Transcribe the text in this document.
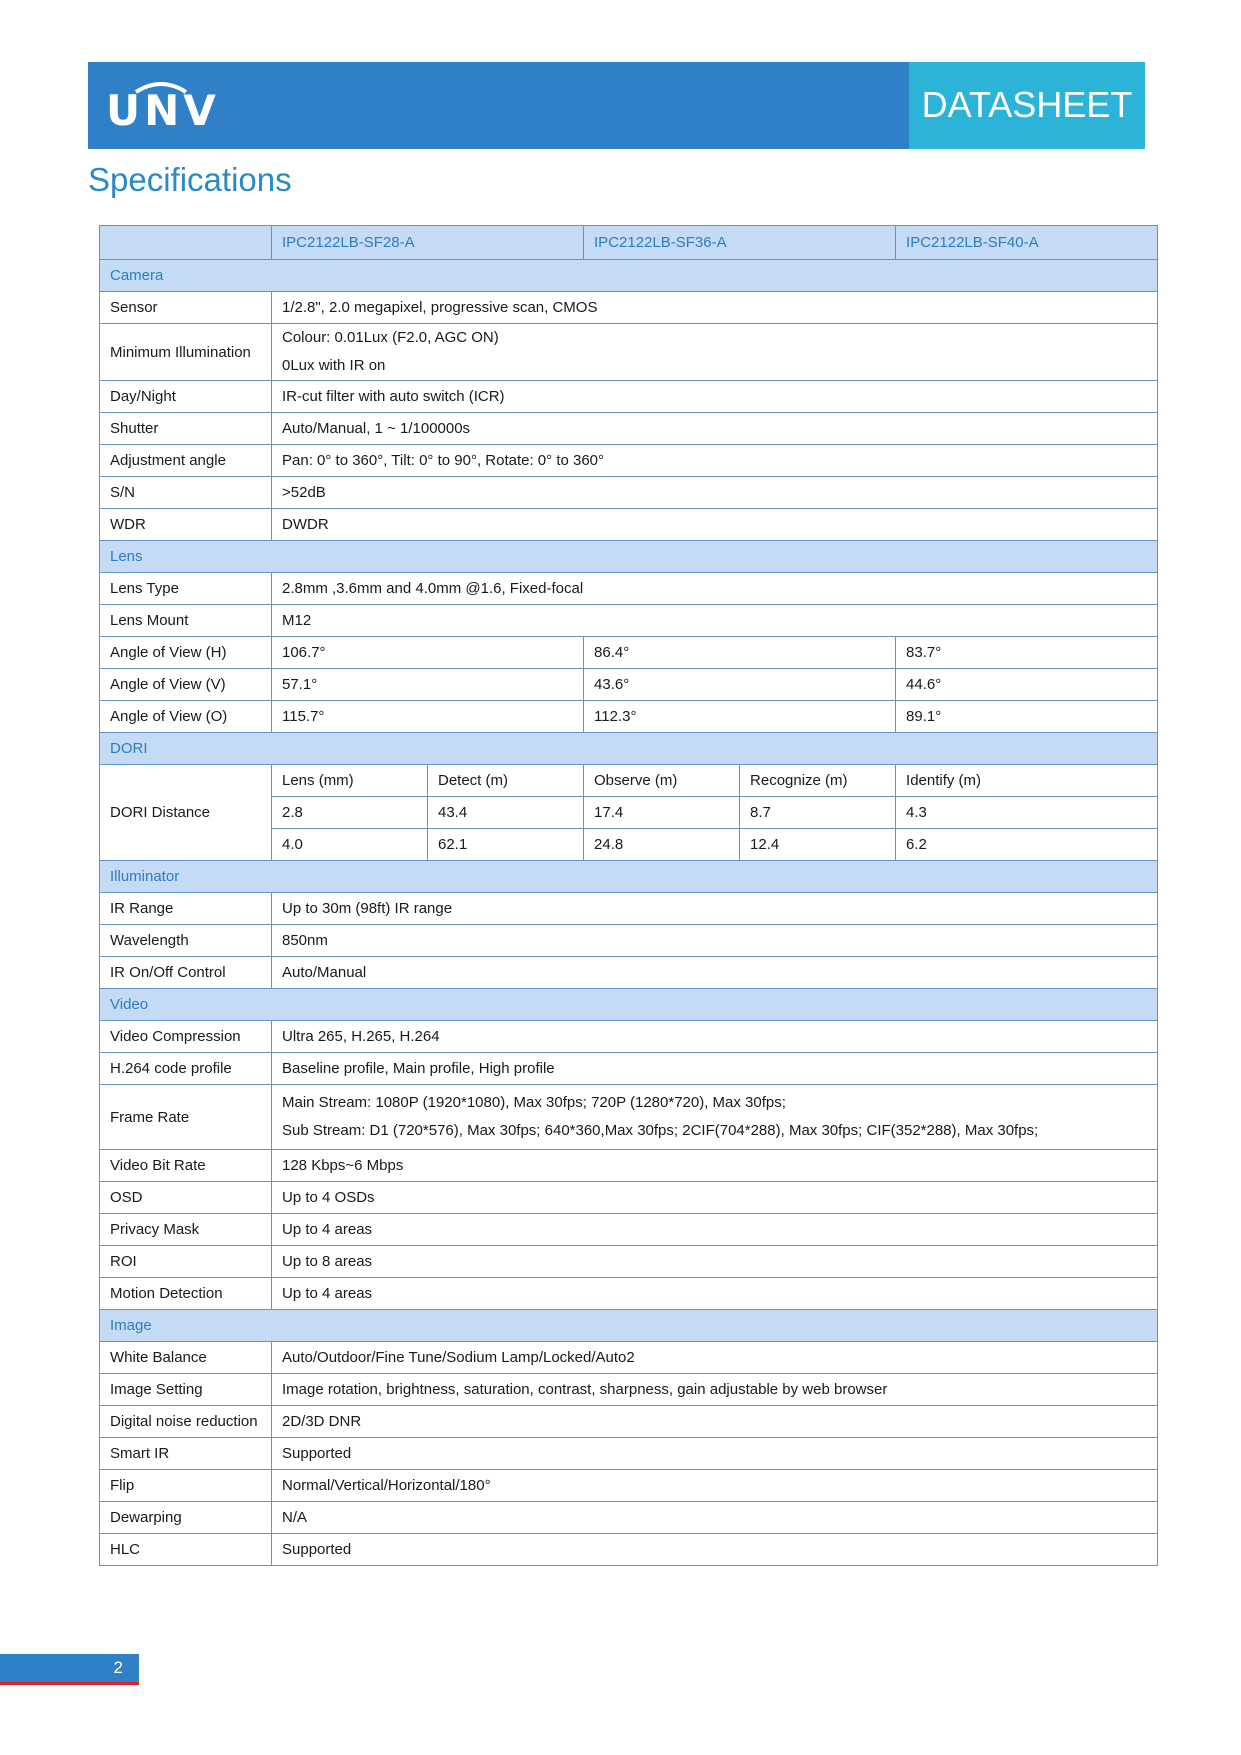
UNV	DATASHEET
Specifications
	IPC2122LB-SF28-A		IPC2122LB-SF36-A		IPC2122LB-SF40-A
Camera					
Sensor	1/2.8", 2.0 megapixel, progressive scan, CMOS				
Minimum Illumination	Colour: 0.01Lux (F2.0, AGC ON)
0Lux with IR on				

Day/Night	IR-cut filter with auto switch (ICR)				
Shutter	Auto/Manual, 1 ~ 1/100000s				
Adjustment angle	Pan: 0° to 360°, Tilt: 0° to 90°, Rotate: 0° to 360°				
S/N	>52dB				
WDR	DWDR				
Lens					
Lens Type	2.8mm ,3.6mm and 4.0mm @1.6, Fixed-focal				
Lens Mount	M12				
Angle of View (H)	106.7°		86.4°		83.7°
Angle of View (V)	57.1°		43.6°		44.6°
Angle of View (O)	115.7°		112.3°		89.1°
DORI					
DORI Distance	Lens (mm)	Detect (m)	Observe (m)	Recognize (m)	Identify (m)
	2.8	43.4	17.4	8.7	4.3
	4.0	62.1	24.8	12.4	6.2
Illuminator					
IR Range	Up to 30m (98ft) IR range				
Wavelength	850nm				
IR On/Off Control	Auto/Manual				
Video					
Video Compression	Ultra 265, H.265, H.264				
H.264 code profile	Baseline profile, Main profile, High profile				
Frame Rate	Main Stream: 1080P (1920*1080), Max 30fps; 720P (1280*720), Max 30fps;
Sub Stream: D1 (720*576), Max 30fps; 640*360,Max 30fps; 2CIF(704*288), Max 30fps; CIF(352*288), Max 30fps;				

Video Bit Rate	128 Kbps~6 Mbps				
OSD	Up to 4 OSDs				
Privacy Mask	Up to 4 areas				
ROI	Up to 8 areas				
Motion Detection	Up to 4 areas				
Image					
White Balance	Auto/Outdoor/Fine Tune/Sodium Lamp/Locked/Auto2				
Image Setting	Image rotation, brightness, saturation, contrast, sharpness, gain adjustable by web browser				
Digital noise reduction	2D/3D DNR				
Smart IR	Supported				
Flip	Normal/Vertical/Horizontal/180°				
Dewarping	N/A				
HLC	Supported				
2
